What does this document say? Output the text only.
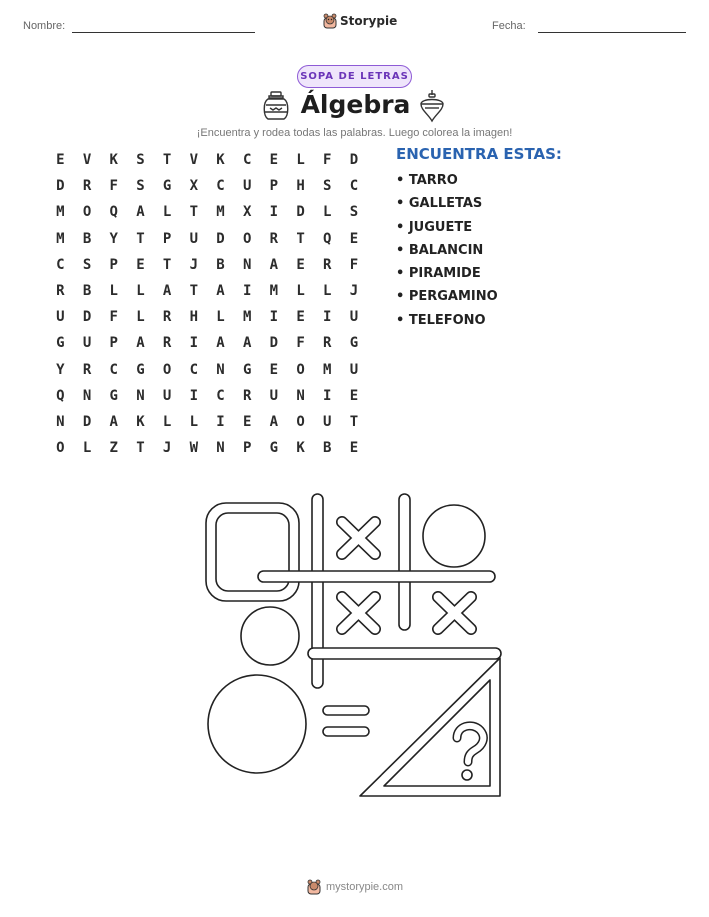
Nombre:	Storypie	Fecha:
SOPA DE LETRAS
Álgebra
¡Encuentra y rodea todas las palabras. Luego colorea la imagen!
E	V	K	S	T	V	K	C	E	L	F	D
D	R	F	S	G	X	C	U	P	H	S	C
M	O	Q	A	L	T	M	X	I	D	L	S
M	B	Y	T	P	U	D	O	R	T	Q	E
C	S	P	E	T	J	B	N	A	E	R	F
R	B	L	L	A	T	A	I	M	L	L	J
U	D	F	L	R	H	L	M	I	E	I	U
G	U	P	A	R	I	A	A	D	F	R	G
Y	R	C	G	O	C	N	G	E	O	M	U
Q	N	G	N	U	I	C	R	U	N	I	E
N	D	A	K	L	L	I	E	A	O	U	T
O	L	Z	T	J	W	N	P	G	K	B	E
ENCUENTRA ESTAS:
• TARRO
• GALLETAS
• JUGUETE
• BALANCIN
• PIRAMIDE
• PERGAMINO
• TELEFONO
mystorypie.com
